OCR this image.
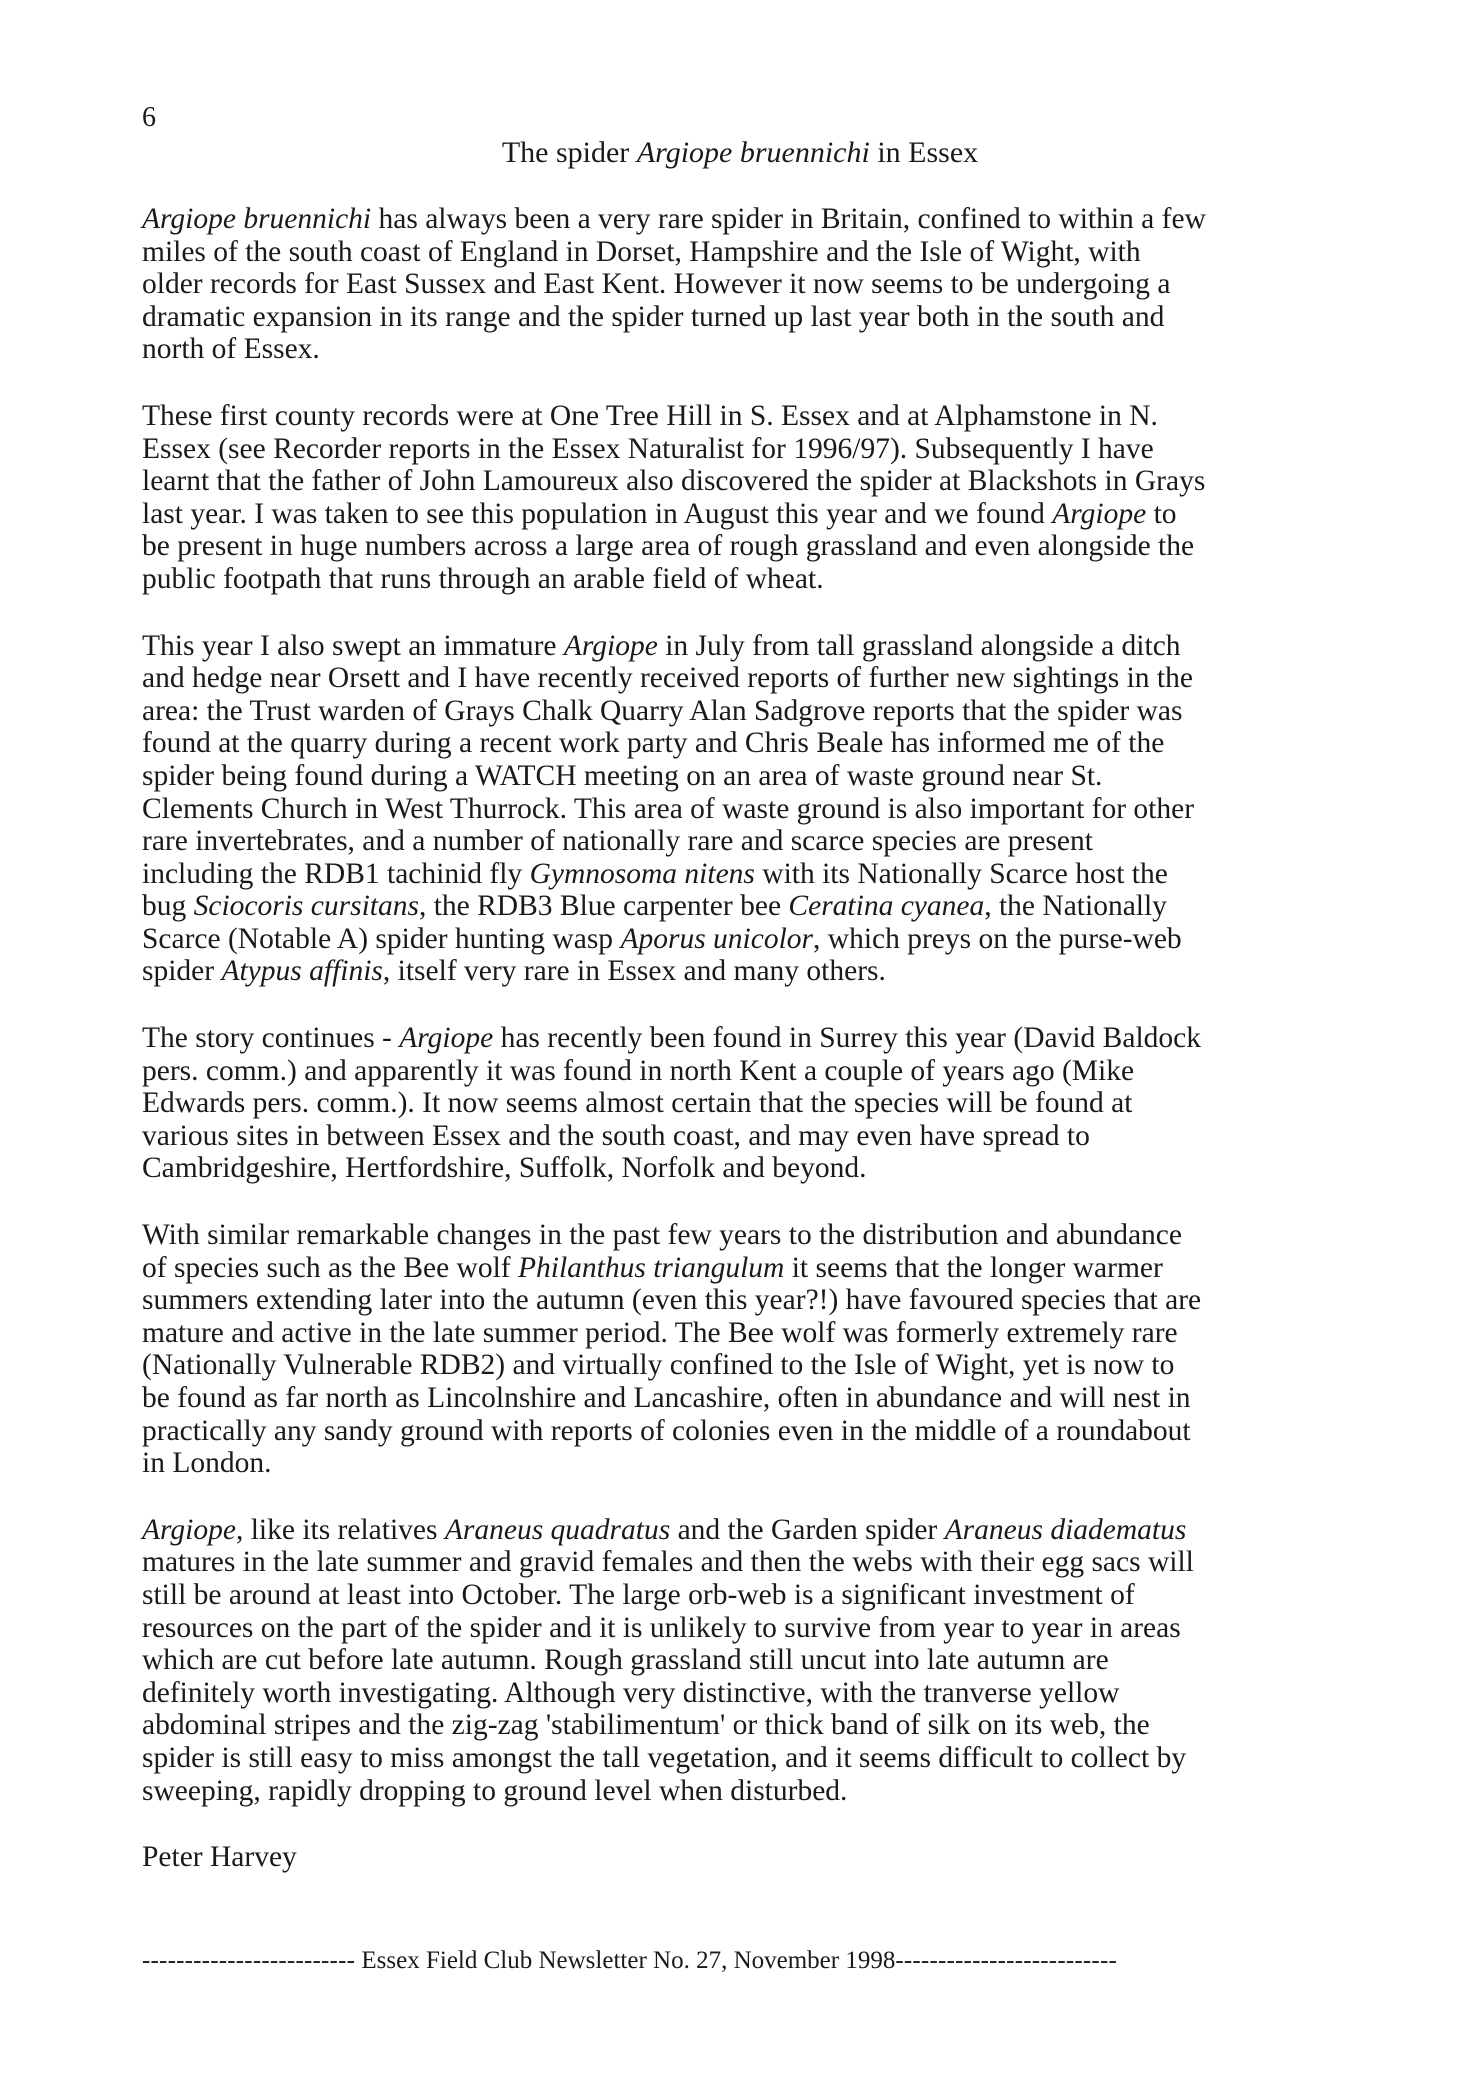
6
The spider Argiope bruennichi in Essex

Argiope bruennichi has always been a very rare spider in Britain, confined to within a few
miles of the south coast of England in Dorset, Hampshire and the Isle of Wight, with
older records for East Sussex and East Kent. However it now seems to be undergoing a
dramatic expansion in its range and the spider turned up last year both in the south and
north of Essex.

These first county records were at One Tree Hill in S. Essex and at Alphamstone in N.
Essex (see Recorder reports in the Essex Naturalist for 1996/97). Subsequently I have
learnt that the father of John Lamoureux also discovered the spider at Blackshots in Grays
last year. I was taken to see this population in August this year and we found Argiope to
be present in huge numbers across a large area of rough grassland and even alongside the
public footpath that runs through an arable field of wheat.

This year I also swept an immature Argiope in July from tall grassland alongside a ditch
and hedge near Orsett and I have recently received reports of further new sightings in the
area: the Trust warden of Grays Chalk Quarry Alan Sadgrove reports that the spider was
found at the quarry during a recent work party and Chris Beale has informed me of the
spider being found during a WATCH meeting on an area of waste ground near St.
Clements Church in West Thurrock. This area of waste ground is also important for other
rare invertebrates, and a number of nationally rare and scarce species are present
including the RDB1 tachinid fly Gymnosoma nitens with its Nationally Scarce host the
bug Sciocoris cursitans, the RDB3 Blue carpenter bee Ceratina cyanea, the Nationally
Scarce (Notable A) spider hunting wasp Aporus unicolor, which preys on the purse-web
spider Atypus affinis, itself very rare in Essex and many others.

The story continues - Argiope has recently been found in Surrey this year (David Baldock
pers. comm.) and apparently it was found in north Kent a couple of years ago (Mike
Edwards pers. comm.). It now seems almost certain that the species will be found at
various sites in between Essex and the south coast, and may even have spread to
Cambridgeshire, Hertfordshire, Suffolk, Norfolk and beyond.

With similar remarkable changes in the past few years to the distribution and abundance
of species such as the Bee wolf Philanthus triangulum it seems that the longer warmer
summers extending later into the autumn (even this year?!) have favoured species that are
mature and active in the late summer period. The Bee wolf was formerly extremely rare
(Nationally Vulnerable RDB2) and virtually confined to the Isle of Wight, yet is now to
be found as far north as Lincolnshire and Lancashire, often in abundance and will nest in
practically any sandy ground with reports of colonies even in the middle of a roundabout
in London.

Argiope, like its relatives Araneus quadratus and the Garden spider Araneus diadematus
matures in the late summer and gravid females and then the webs with their egg sacs will
still be around at least into October. The large orb-web is a significant investment of
resources on the part of the spider and it is unlikely to survive from year to year in areas
which are cut before late autumn. Rough grassland still uncut into late autumn are
definitely worth investigating. Although very distinctive, with the tranverse yellow
abdominal stripes and the zig-zag 'stabilimentum' or thick band of silk on its web, the
spider is still easy to miss amongst the tall vegetation, and it seems difficult to collect by
sweeping, rapidly dropping to ground level when disturbed.

Peter Harvey

------------------------- Essex Field Club Newsletter No. 27, November 1998--------------------------
